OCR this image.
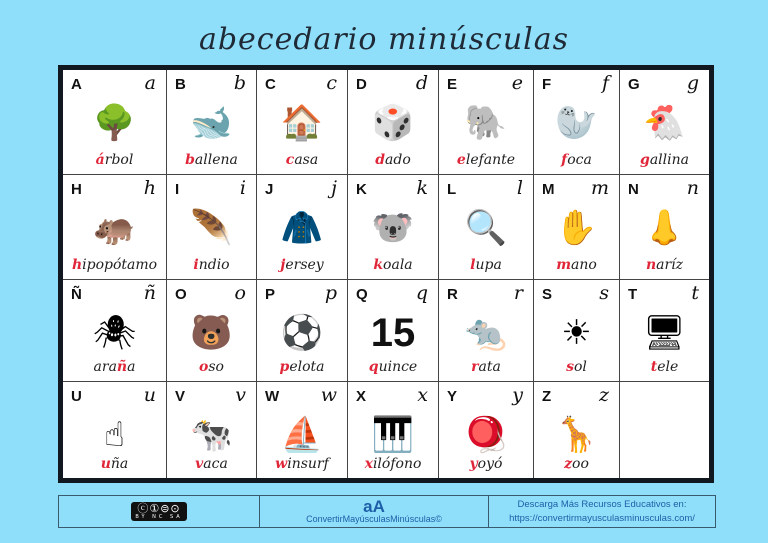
abecedario minúsculas
A	a
🌳
árbol
B	b
🐋
ballena
C	c
🏠
casa
D	d
🎲
dado
E	e
🐘
elefante
F	f
🦭
foca
G g
🐔
gallina
H	h
🦛
hipopótamo
I	i
🪶
indio
J	j
🧥
jersey
K	k
🐨
koala
L	l
🔍
lupa
M m
✋
mano
N	n
👃
naríz
Ñ	ñ
🕷
araña
O	o
🐻
oso
P	p
⚽
pelota
Q	q
15
quince
R	r
🐀
rata
S s
☀
sol
T	t
🖥
tele
U	u
☝
uña
V	v
🐄
vaca
W w
⛵
winsurf
X	x
🎹
xilófono
Y	y
🪀
yoyó
Z	z
🦒
zoo
ⓒ①⊜⊙
BY NC SA
aA
ConvertirMayúsculasMinúsculas©
Descarga Más Recursos Educativos en:
https://convertirmayusculasminusculas.com/
